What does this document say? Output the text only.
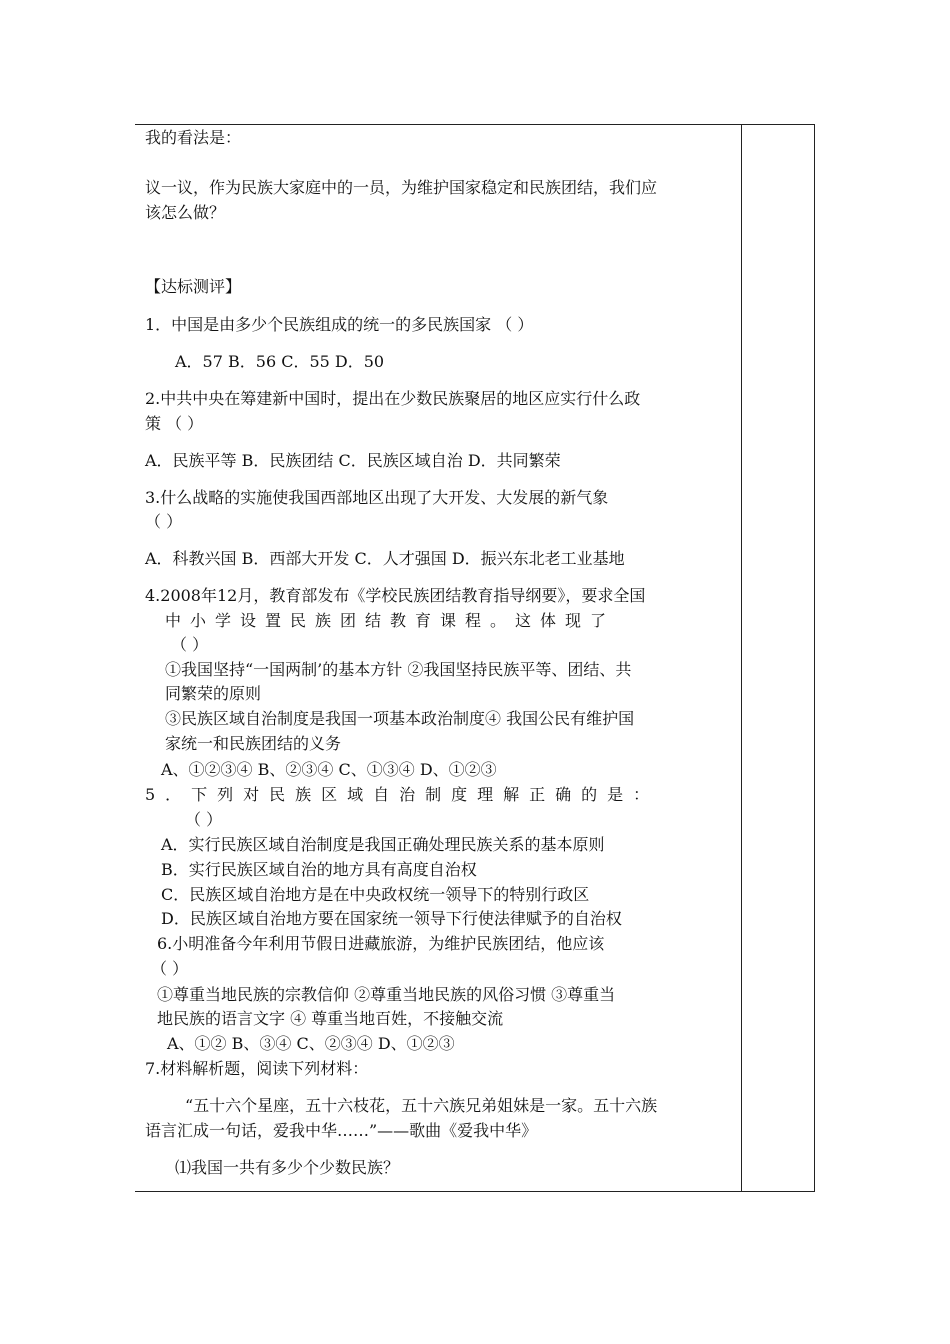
我的看法是：
议一议，作为民族大家庭中的一员，为维护国家稳定和民族团结，我们应
该怎么做？
【达标测评】
1．中国是由多少个民族组成的统一的多民族国家 （ ）
A．57 B．56 C．55 D．50
2.中共中央在筹建新中国时，提出在少数民族聚居的地区应实行什么政
策 （ ）
A．民族平等 B．民族团结 C．民族区域自治 D．共同繁荣
3.什么战略的实施使我国西部地区出现了大开发、大发展的新气象
（ ）
A．科教兴国 B．西部大开发 C．人才强国 D．振兴东北老工业基地
4.2008年12月，教育部发布《学校民族团结教育指导纲要》，要求全国
中小学设置民族团结教育课程。这体现了
（ ）
①我国坚持“一国两制’的基本方针 ②我国坚持民族平等、团结、共
同繁荣的原则
③民族区域自治制度是我国一项基本政治制度④ 我国公民有维护国
家统一和民族团结的义务
A、①②③④ B、②③④ C、①③④ D、①②③
5．下列对民族区域自治制度理解正确的是：
（ ）
A．实行民族区域自治制度是我国正确处理民族关系的基本原则
B．实行民族区域自治的地方具有高度自治权
C．民族区域自治地方是在中央政权统一领导下的特别行政区
D．民族区域自治地方要在国家统一领导下行使法律赋予的自治权
6.小明准备今年利用节假日进藏旅游，为维护民族团结，他应该
（ ）
①尊重当地民族的宗教信仰 ②尊重当地民族的风俗习惯 ③尊重当
地民族的语言文字 ④ 尊重当地百姓，不接触交流
A、①② B、③④ C、②③④ D、①②③
7.材料解析题，阅读下列材料：
“五十六个星座，五十六枝花，五十六族兄弟姐妹是一家。五十六族
语言汇成一句话，爱我中华……”——歌曲《爱我中华》
⑴我国一共有多少个少数民族？
